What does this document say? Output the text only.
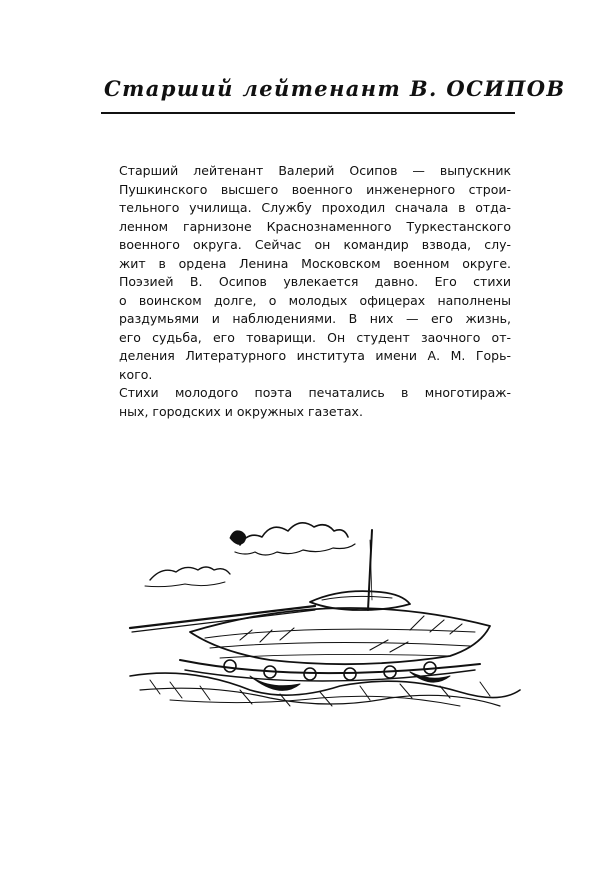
Старший лейтенант В. ОСИПОВ

Старший лейтенант Валерий Осипов — выпускник
Пушкинского высшего военного инженерного строи-
тельного училища. Службу проходил сначала в отда-
ленном гарнизоне Краснознаменного Туркестанского
военного округа. Сейчас он командир взвода, слу-
жит в ордена Ленина Московском военном округе.

Поэзией В. Осипов увлекается давно. Его стихи
о воинском долге, о молодых офицерах наполнены
раздумьями и наблюдениями. В них — его жизнь,
его судьба, его товарищи. Он студент заочного от-
деления Литературного института имени А. М. Горь-
кого.

Стихи молодого поэта печатались в многотираж-
ных, городских и окружных газетах.
